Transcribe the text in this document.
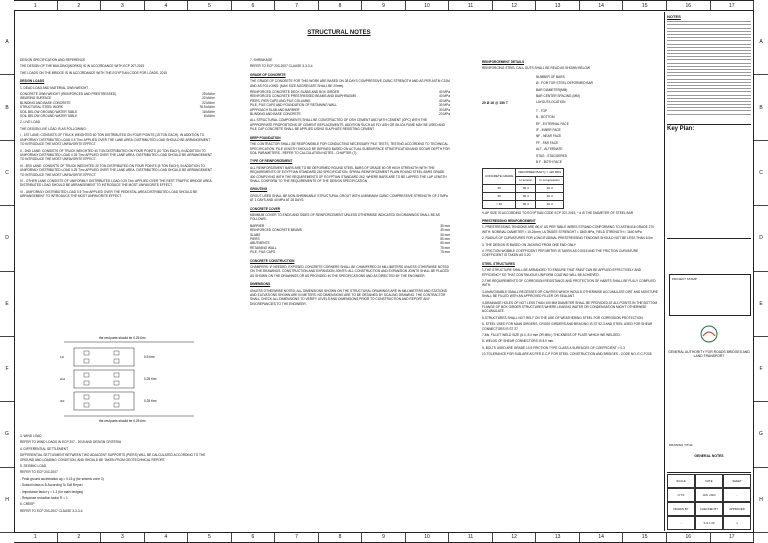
1	2	3	4	5	6	7	8	9	10	11	12	13	14	15	16	17
1	2	3	4	5	6	7	8	9	10	11	12	13	14	15	16	17
A
B
C
D
E
F
G
H
A
B
C
D
E
F
G
H
STRUCTURAL NOTES
DESIGN SPECIFICATION AND REFERENCE
THE DESIGN OF THE BUILDING(WORKS) IS IN ACCORDANCE WITH ECP 207-2015
THE LOADS ON THE BRIDGE IS IN ACCORDANCE WITH THE EGYPTIAN CODE FOR LOADS, 2015
DESIGN LOADS
1. DEAD LOAD AND MATERIAL OWN WEIGHT
CONCRETE OWN WEIGHT (REINFORCED AND PRESTRESSED)	25 kN/m³
WEARING SURFACE	22 kN/m³
BLINDING AND BASE CONCRETE	22 kN/m³
STRUCTURAL STEEL WORK	78.5 kN/m³
SOIL BELOW GROUND WATER TABLE	18 kN/m³
SOIL BELOW GROUND WATER TABLE	8 kN/m³
2. LIVE LOAD
THE DESIGN LIVE LOAD IS AS FOLLOWING:
I - 1ST LANE: CONSISTS OF TRUCK WEIGHTED 60 TON DISTRIBUTED ON FOUR POINTS (15 TON EACH). IN ADDITION TO UNIFORMLY DISTRIBUTED LOAD 0.5 T/m² APPLIED OVER THE LANE AREA. DISTRIBUTED LOAD SHOULD BE ARRANGEMENT TO INTRODUCE THE MOST UNFAVORITE EFFECT.
II - 2ND LANE: CONSISTS OF TRUCK WEIGHTED 40 TON DISTRIBUTED ON FOUR POINTS (10 TON EACH). IN ADDITION TO UNIFORMLY DISTRIBUTED LOAD 0.25 T/m² APPLIED OVER THE LANE AREA. DISTRIBUTED LOAD SHOULD BE ARRANGEMENT TO INTRODUCE THE MOST UNFAVORITE EFFECT.
III - 3RD LANE: CONSISTS OF TRUCK WEIGHTED 20 TON DISTRIBUTED ON FOUR POINTS (5 TON EACH). IN ADDITION TO UNIFORMLY DISTRIBUTED LOAD 0.25 T/m² APPLIED OVER THE LANE AREA. DISTRIBUTED LOAD SHOULD BE ARRANGEMENT TO INTRODUCE THE MOST UNFAVORITE EFFECT.
IV - OTHER LANE CONSISTS OF UNIFORMLY DISTRIBUTED LOAD 0.25 T/m² APPLIED OVER THE REST TRAFFIC BRIDGE AREA. DISTRIBUTED LOAD SHOULD BE ARRANGEMENT TO INTRODUCE THE MOST UNFAVORITE EFFECT.
VI - UNIFORMLY DISTRIBUTED LOAD 0.5 T/m² APPLIED OVER THE PEDESTAL AREA DISTRIBUTED LOAD SHOULD BE ARRANGEMENT TO INTRODUCE THE MOST UNFAVORITE EFFECT.
the rest parts should be 0.25 t/m²
0.5 t/m²
1st
0.25 t/m²
2nd
0.25 t/m²
3rd
the rest parts should be 0.25 t/m²
3. WIND LOAD
REFER TO WIND LOADS IN ECP 207 - 2015 AND DESIGN CRITERIA
4. DIFFERENTIAL SETTLEMENT
DIFFERENTIAL SETTLEMENT BETWEEN TWO ADJACENT SUPPORTS (PIERS) WILL BE CALCULATED ACCORDING TO THE GROUND AND LOADING CONDITION, AND SHOULD BE TAKEN FROM GEOTECHNICAL REPORT.
5. SEISMIC LOAD
REFER TO ECP 203-2007
- Peak ground acceleration ag = 0.15 g (for seismic zone 3)
- Subsoil class is B According To Soil Report
- Importance factor γ = 1.3 (for main bridges)
- Response reduction factor R = 1
6. CREEP
REFER TO ECP 203-2007 CLAUSE 3-3-3-4
7. SHRINKAGE
REFER TO ECP 203-2007 CLAUSE 3-3-3-4
GRADE OF CONCRETE
THE GRADE OF CONCRETE FOR THIS WORK ARE BASED ON 28 DAYS COMPRESSIVE CUBIC STRENGTH AND AS PER ASTM C31M AND AS FOLLOWS: (MAX SIZE AGGREGATE SHALL BE 20mm)
REINFORCED CONCRETE DECK SLABS AND BOX GIRDER	40 MPa
REINFORCED CONCRETE PRESTRESSED BEAMS AND DIAPHRAGMS	40 MPa
PIERS, PIER CAPS AND PILE COLUMNS	40 MPa
PILE, PILE CAPS AND FOUNDATION OF RETAINING WALL	30 MPa
APPROACH SLAB AND BARRIER	30 MPa
BLINDING AND BASE CONCRETE	20 MPa
ALL STRUCTURAL COMPONENTS SHALL BE CONSTRUCTED OF OSH CEMENT AND WITH CEMENT (OPC) WITH THE APPROPRIATE PROPORTIONS OF CEMENT REPLACEMENTS. ADDITION SUCH AS FLY ASH OR SILICA FUME MAY BE USED AND PILE CAP CONCRETE SHALL BE APPLIED USING SULPHATE RESISTING CEMENT.
DEEP FOUNDATION
THE CONTRACTOR SHALL BE RESPONSIBLE FOR CONDUCTING NECESSARY PILE TESTS, TESTING ACCORDING TO TECHNICAL SPECIFICATION. PILE LENGTH SHOULD BE DEFINED BASED ON ACTUAL SUBSURFACE STRATIFICATION AND SCOUR DEPTH FOR SOIL PARAMETERS - REFER TO CALCULATION NOTES - CHAPTER (7).
TYPE OF REINFORCEMENT
ALL REINFORCEMENT BARS ARE TO BE DEFORMED ROUND STEEL BARS OF GRADE 60 OR HIGH STRENGTH WITH THE REQUIREMENTS OF EGYPTIAN STANDARD 262 SPECIFICATION. SPIRAL REINFORCEMENT PLAIN ROUND STEEL BARS GRADE 400 COMPLYING WITH THE REQUIREMENTS OF EGYPTIAN STANDARD 262. WHERE BARS ARE TO BE LAPPED THE LAP LENGTH SHALL CONFORM TO THE REQUIREMENTS OF THE DESIGN SPECIFICATION.
GROUTING
GROUT USED SHALL BE NON-SHRINKABLE STRUCTURAL GROUT WITH A MINIMUM CUBIC COMPRESSIVE STRENGTH OF 27MPa AT 1 DAYS AND 40 MPa AT 28 DAYS.
CONCRETE COVER
MINIMUM COVER TO ENDS AND SIDES OF REINFORCEMENT UNLESS OTHERWISE INDICATED ON DRAWINGS SHALL BE AS FOLLOWS:
BARRIER	30 mm
REINFORCED CONCRETE BEAMS	30 mm
SLABS	30 mm
PIERS	50 mm
ABUTMENTS	50 mm
RETAINING WALL	75 mm
PILE, PILE CAPS	75 mm
CONCRETE CONSTRUCTION
CHAMFERS: IF NEEDED, EXPOSED CONCRETE CORNERS SHALL BE CHAMFERED 20 MILLIMETERS UNLESS OTHERWISE NOTED ON THE DRAWINGS. CONSTRUCTION AND EXPANSION JOINTS: ALL CONSTRUCTION AND EXPANSION JOINTS SHALL BE PLACED AS SHOWN ON THE DRAWINGS OR AS PROVIDED IN THE SPECIFICATIONS AND AS DIRECTED BY THE ENGINEER.
DIMENSIONS
UNLESS OTHERWISE NOTED, ALL DIMENSIONS SHOWN ON THE STRUCTURAL DRAWINGS ARE IN MILLIMETERS AND STATIONS AND ELEVATIONS SHOWN ARE IN METERS. NO DIMENSIONS ARE TO BE OBTAINED BY SCALING DRAWING. THE CONTRACTOR SHALL CHECK ALL DIMENSIONS TO VERIFY LEVELS AND DIMENSIONS PRIOR TO CONSTRUCTION AND REPORT ANY DISCREPANCIES TO THE ENGINEER.
REINFORCEMENT DETAILS
REINFORCING STEEL CALL OUTS SHALL BE READ AS SHOWN BELOW
20 Ø 16 @ 150 T
NUMBER OF BARS
Ø - FOR TOR STEEL DEFORMED BAR
BAR DIAMETER(MM)
BAR CENTER SPACING (MM)
LAYOUT/LOCATION
T - TOP
B - BOTTOM
EF - EXTERNAL FACE
IF - INNER FACE
NF - NEAR FACE
FF - FAR FACE
ALT - ALTERNATE
STAG - STAGGERED
B.F - BOTH FACE
CONCRETE GRADE	DEFORMED BAR fy = 420 MPa	
	In tension	In compression
25	60 d	40 d
30	60 d	40 d
> 40	60 d	40 d
*LAP SIZE IS ACCORDING TO EGYPTIAN CODE ECP 207-2015, * d IS THE DIAMETER OF STEEL BAR
PRESTRESSING REINFORCEMENT
1. PRESTRESSING TENDONS ARE Ø0.6" AS PER TABLE WIRES STRAND CONFORMING TO ASTM/416 GRADE 270 WITH: NOMINAL DIAMETER = 15.24mm, ULTIMATE STRENGHT = 1860 MPa, YIELD STRENGTH = 1640 MPa
2. RADIUS OF CURVATURES FOR LONGITUDINAL PRESTRESSING TENDONS SHOULD NOT BE LESS THAN 6.0m
3. THE DESIGN IS BASED ON JACKING FROM ONE END ONLY
4. FRICTION WOBBLE COEFFICIENT PER METER IS TAKEN AS 0.0015 AND THE FRICTION CURVATURE COEFFICIENT IS TAKEN AS 0.20.
STEEL STRUCTURES
1-THE STRUCTURE SHALL BE ARRANGED TO ENSURE THAT PAINT CAN BE APPLIED EFFECTIVELY AND EFFICIENCY SO THAT CONTINUOUS UNIFORM COATING WILL BE ACHIEVED.
2-THE REQUIREMENTS OF CORROSION RESISTANCE AND PROTECTION OF HABITS SHALL BE FULLY COMPLIED WITH.
3-UNAVOIDABLE SMALL RECESSES OR CAVITIES WHICH WOULD OTHERWISE ACCUMULATE DIRT AND MOISTURE SHALL BE FILLED WITH AN APPROVED FILLER OR SEALANT.
4-DRAINAGE HOLES OF NOT LESS THAN 100 MM DIAMETER SHALL BE PROVIDED AT ALL POINTS IN THE BOTTOM FLANGE OF BOX GIRDER STRUCTURES WHERE LEAKING WATER OR CONDENSATION MIGHT OTHERWISE ACCUMULATE.
5-STRUCTURES SHALL NOT RELY ON THE USE OF WEATHERING STEEL FOR CORROSION PROTECTION.
6- STEEL USED FOR MAIN GIRDERS, CROSS GIRDERS AND BRACING IS ST 52-3 AND STEEL USED FOR SHEAR CONNECTORS IS ST 37
7-Ms. FILLET WELD SIZE (6.0, 8.0 mm OR MIN.) THICKNESS OF PLATE WHICH WE WELDED.
8- WELDS OF SHEAR CONNECTORS IS 8.0 mm.
9- BOLTS USED ARE GRADE 10.9 FRICTION TYPE CLASS A SURFACES OF COEFFICIENT = 0.3
10-TOLERANCE FOR SUB-ARE AS PER E.C.P FOR STEEL CONSTRUCTION AND BRIDGES - CODE NO. E.C.P.205
NOTES
Key Plan:
PROJECT STAMP
GENERAL AUTHORITY FOR ROADS BRIDGES AND LAND TRANSPORT
DRAWING TITLE:
GENERAL NOTES
SCALE	DATE	SHEET
N.T.S	JAN. 2023	-
DRAWN BY	CHECKED BY	APPROVED
-	S.N.1.00	1
